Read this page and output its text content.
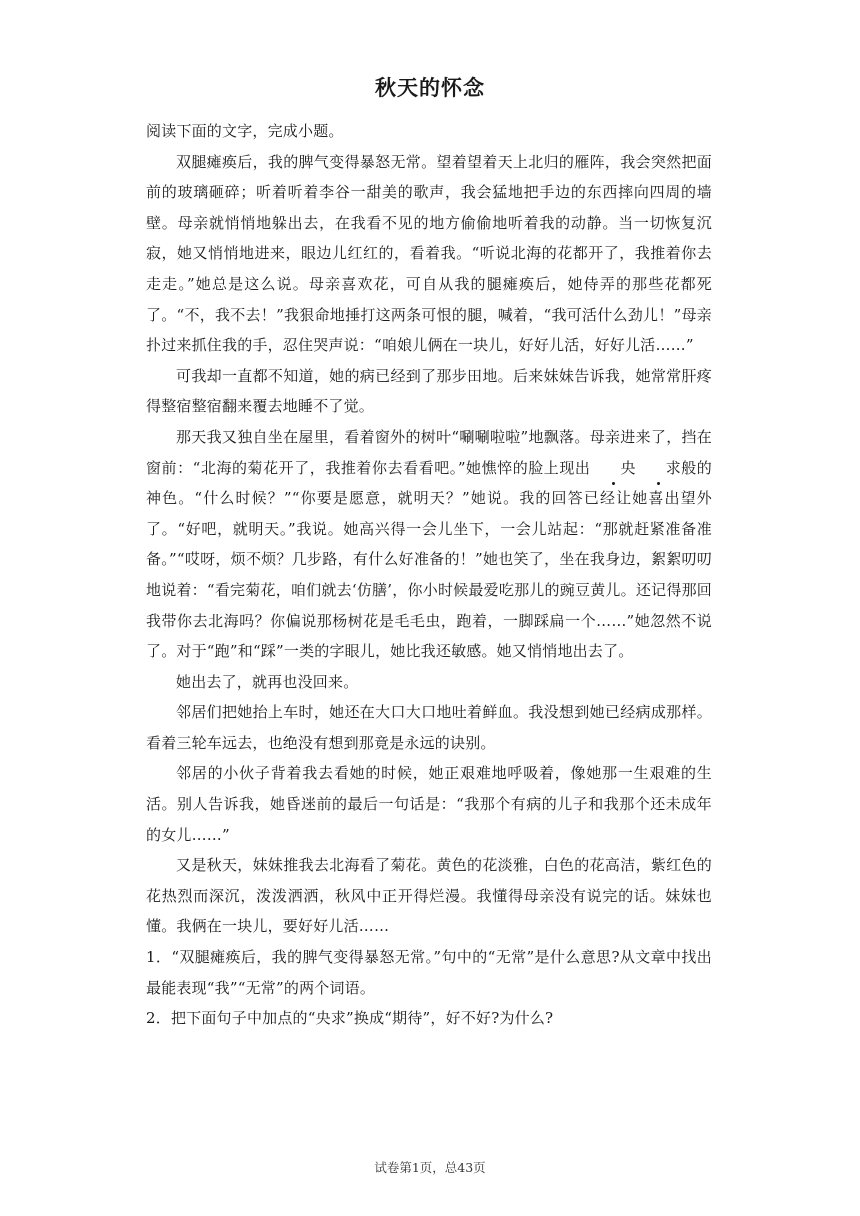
秋天的怀念

阅读下面的文字，完成小题。

双腿瘫痪后，我的脾气变得暴怒无常。望着望着天上北归的雁阵，我会突然把面前的玻璃砸碎；听着听着李谷一甜美的歌声，我会猛地把手边的东西摔向四周的墙壁。母亲就悄悄地躲出去，在我看不见的地方偷偷地听着我的动静。当一切恢复沉寂，她又悄悄地进来，眼边儿红红的，看着我。“听说北海的花都开了，我推着你去走走。”她总是这么说。母亲喜欢花，可自从我的腿瘫痪后，她侍弄的那些花都死了。“不，我不去！”我狠命地捶打这两条可恨的腿，喊着，“我可活什么劲儿！”母亲扑过来抓住我的手，忍住哭声说：“咱娘儿俩在一块儿，好好儿活，好好儿活……”

可我却一直都不知道，她的病已经到了那步田地。后来妹妹告诉我，她常常肝疼得整宿整宿翻来覆去地睡不了觉。

那天我又独自坐在屋里，看着窗外的树叶“唰唰啦啦”地飘落。母亲进来了，挡在窗前：“北海的菊花开了，我推着你去看看吧。”她憔悴的脸上现出 央 求般的神色。“什么时候？”“你要是愿意，就明天？”她说。我的回答已经让她喜出望外了。“好吧，就明天。”我说。她高兴得一会儿坐下，一会儿站起：“那就赶紧准备准备。”“哎呀，烦不烦？几步路，有什么好准备的！”她也笑了，坐在我身边，絮絮叨叨地说着：“看完菊花，咱们就去‘仿膳’，你小时候最爱吃那儿的豌豆黄儿。还记得那回我带你去北海吗？你偏说那杨树花是毛毛虫，跑着，一脚踩扁一个……”她忽然不说了。对于“跑”和“踩”一类的字眼儿，她比我还敏感。她又悄悄地出去了。

她出去了，就再也没回来。

邻居们把她抬上车时，她还在大口大口地吐着鲜血。我没想到她已经病成那样。看着三轮车远去，也绝没有想到那竟是永远的诀别。

邻居的小伙子背着我去看她的时候，她正艰难地呼吸着，像她那一生艰难的生活。别人告诉我，她昏迷前的最后一句话是：“我那个有病的儿子和我那个还未成年的女儿……”

又是秋天，妹妹推我去北海看了菊花。黄色的花淡雅，白色的花高洁，紫红色的花热烈而深沉，泼泼洒洒，秋风中正开得烂漫。我懂得母亲没有说完的话。妹妹也懂。我俩在一块儿，要好好儿活……

1．“双腿瘫痪后，我的脾气变得暴怒无常。”句中的“无常”是什么意思?从文章中找出最能表现“我”“无常”的两个词语。

2．把下面句子中加点的“央求”换成“期待”，好不好?为什么?

试卷第1页，总43页
